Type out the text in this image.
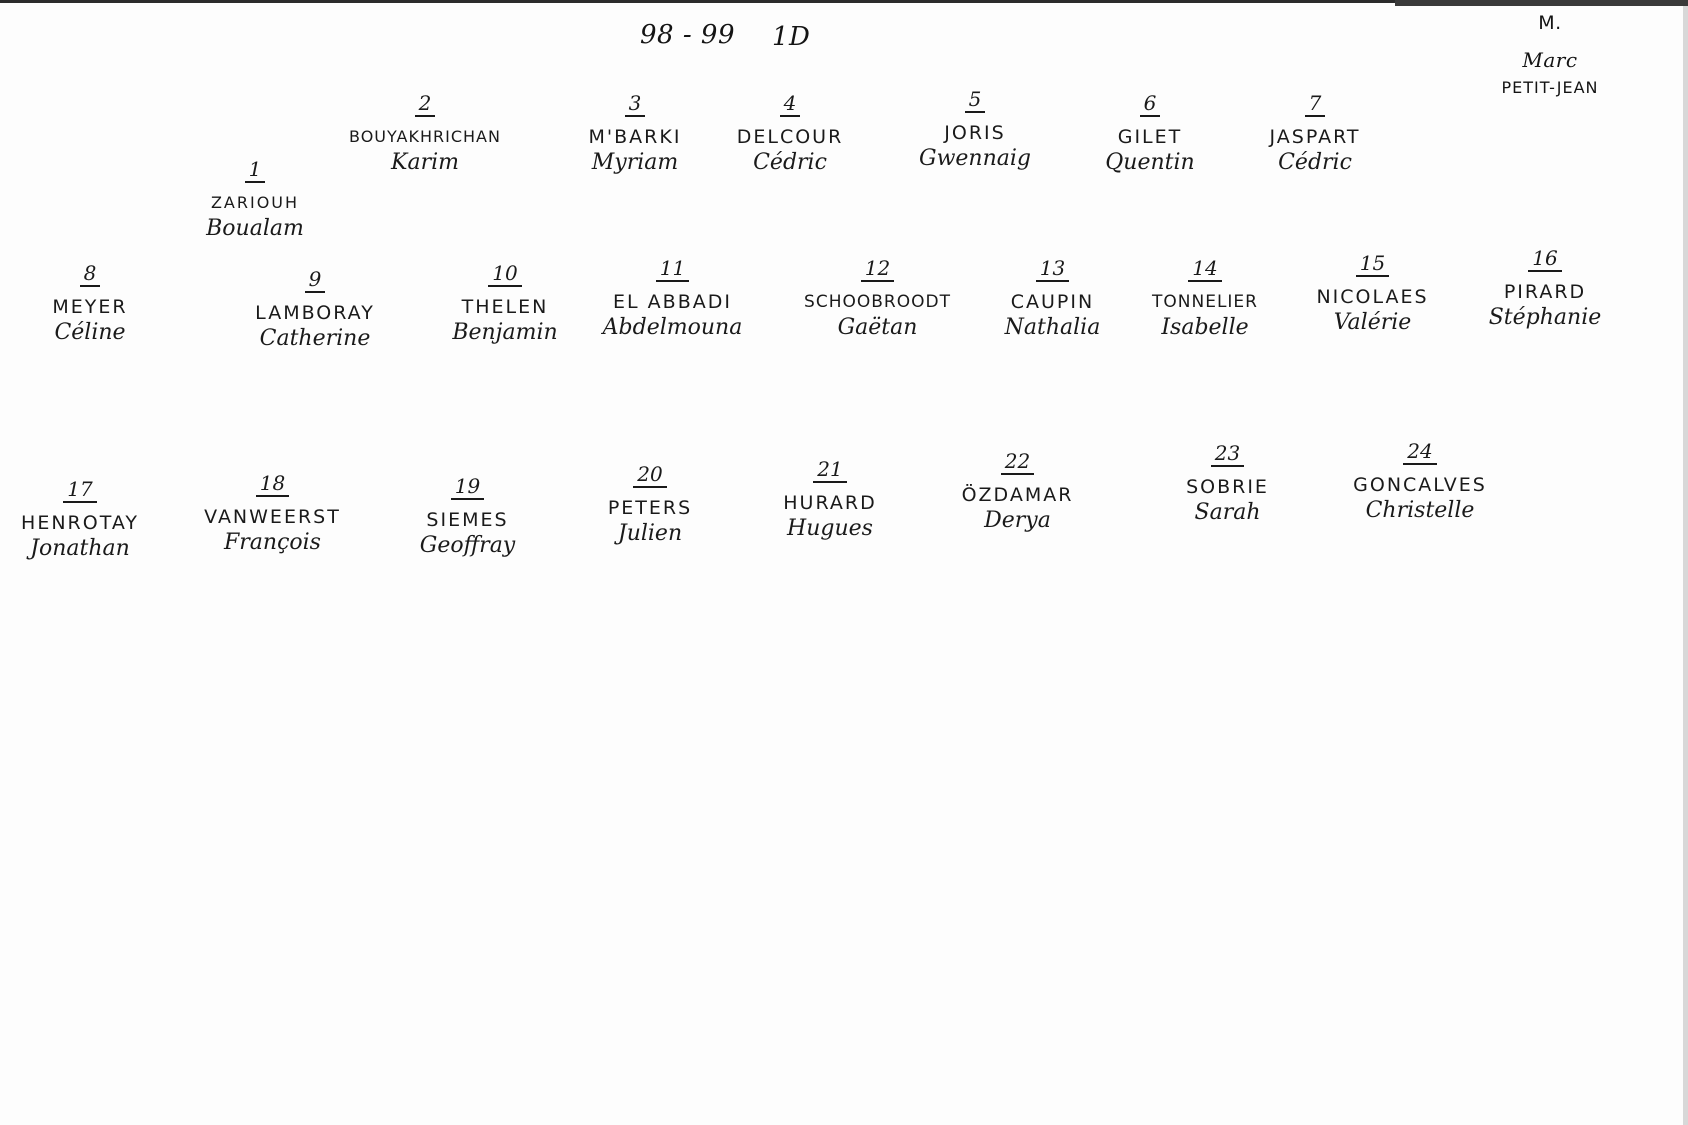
98 - 99 1D	M.
Marc
PETIT-JEAN
1
ZARIOUH
Boualam
2
BOUYAKHRICHAN
Karim
3
M'BARKI
Myriam
4
DELCOUR
Cédric
5
JORIS
Gwennaig
6
GILET
Quentin
7
JASPART
Cédric
8
MEYER
Céline
9
LAMBORAY
Catherine
10
THELEN
Benjamin
11
EL ABBADI
Abdelmouna
12
SCHOOBROODT
Gaëtan
13
CAUPIN
Nathalia
14
TONNELIER
Isabelle
15
NICOLAES
Valérie
16
PIRARD
Stéphanie
17
HENROTAY
Jonathan
18
VANWEERST
François
19
SIEMES
Geoffray
20
PETERS
Julien
21
HURARD
Hugues
22
ÖZDAMAR
Derya
23
SOBRIE
Sarah
24
GONCALVES
Christelle
